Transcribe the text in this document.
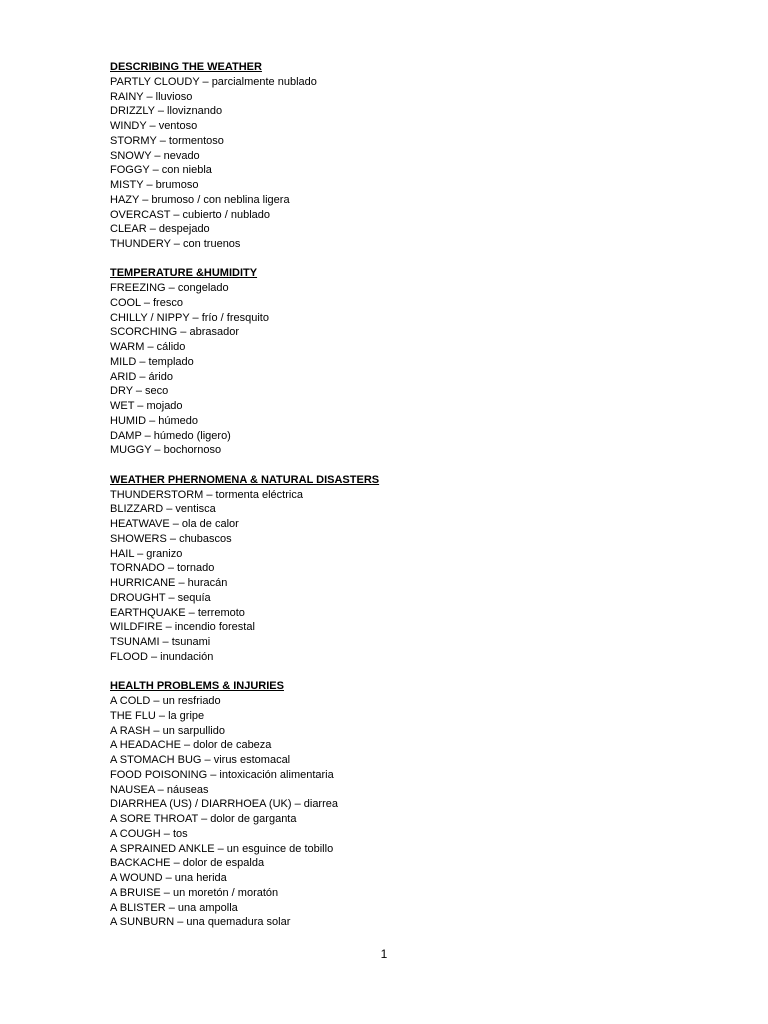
DESCRIBING THE WEATHER
PARTLY CLOUDY – parcialmente nublado
RAINY – lluvioso
DRIZZLY – lloviznando
WINDY – ventoso
STORMY – tormentoso
SNOWY – nevado
FOGGY – con niebla
MISTY – brumoso
HAZY – brumoso / con neblina ligera
OVERCAST – cubierto / nublado
CLEAR – despejado
THUNDERY – con truenos
TEMPERATURE &HUMIDITY
FREEZING – congelado
COOL – fresco
CHILLY / NIPPY – frío / fresquito
SCORCHING – abrasador
WARM – cálido
MILD – templado
ARID – árido
DRY – seco
WET – mojado
HUMID – húmedo
DAMP – húmedo (ligero)
MUGGY – bochornoso
WEATHER PHERNOMENA & NATURAL DISASTERS
THUNDERSTORM – tormenta eléctrica
BLIZZARD – ventisca
HEATWAVE – ola de calor
SHOWERS – chubascos
HAIL – granizo
TORNADO – tornado
HURRICANE – huracán
DROUGHT – sequía
EARTHQUAKE – terremoto
WILDFIRE – incendio forestal
TSUNAMI – tsunami
FLOOD – inundación
HEALTH PROBLEMS & INJURIES
A COLD – un resfriado
THE FLU – la gripe
A RASH – un sarpullido
A HEADACHE – dolor de cabeza
A STOMACH BUG – virus estomacal
FOOD POISONING – intoxicación alimentaria
NAUSEA – náuseas
DIARRHEA (US) / DIARRHOEA (UK) – diarrea
A SORE THROAT – dolor de garganta
A COUGH – tos
A SPRAINED ANKLE – un esguince de tobillo
BACKACHE – dolor de espalda
A WOUND – una herida
A BRUISE – un moretón / moratón
A BLISTER – una ampolla
A SUNBURN – una quemadura solar
1
